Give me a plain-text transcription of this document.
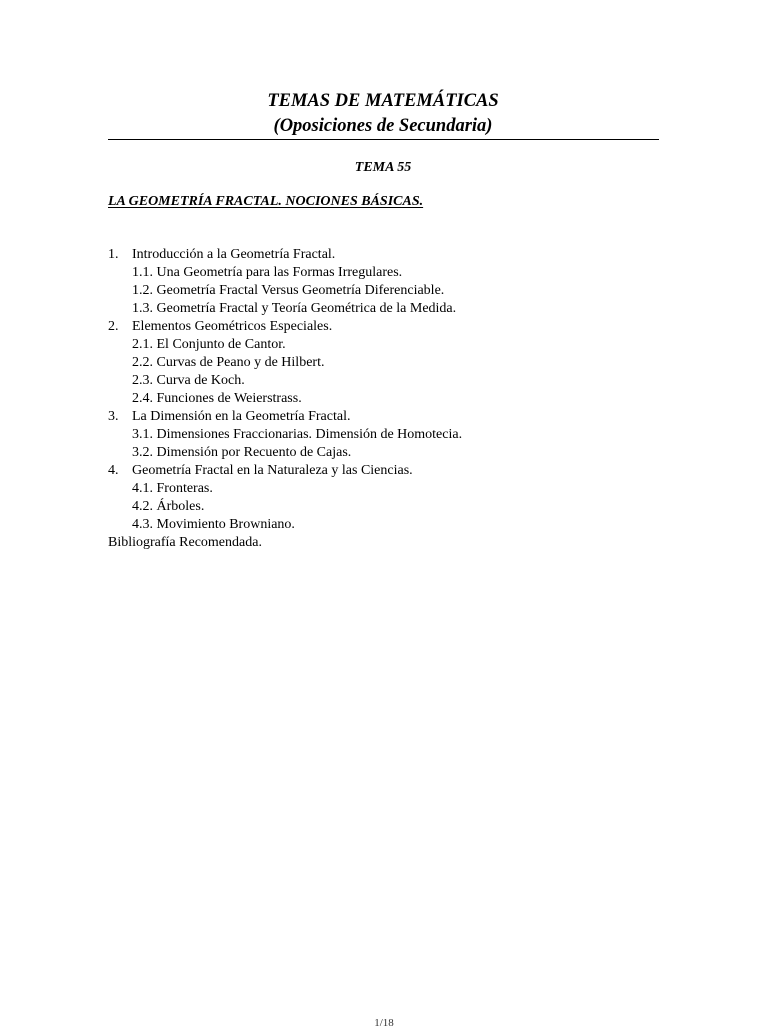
TEMAS DE MATEMÁTICAS
(Oposiciones de Secundaria)
TEMA 55
LA GEOMETRÍA FRACTAL. NOCIONES BÁSICAS.
1. Introducción a la Geometría Fractal.
1.1. Una Geometría para las Formas Irregulares.
1.2. Geometría Fractal Versus Geometría Diferenciable.
1.3. Geometría Fractal y Teoría Geométrica de la Medida.
2. Elementos Geométricos Especiales.
2.1. El Conjunto de Cantor.
2.2. Curvas de Peano y de Hilbert.
2.3. Curva de Koch.
2.4. Funciones de Weierstrass.
3. La Dimensión en la Geometría Fractal.
3.1. Dimensiones Fraccionarias. Dimensión de Homotecia.
3.2. Dimensión por Recuento de Cajas.
4. Geometría Fractal en la Naturaleza y las Ciencias.
4.1. Fronteras.
4.2. Árboles.
4.3. Movimiento Browniano.
Bibliografía Recomendada.
1/18
